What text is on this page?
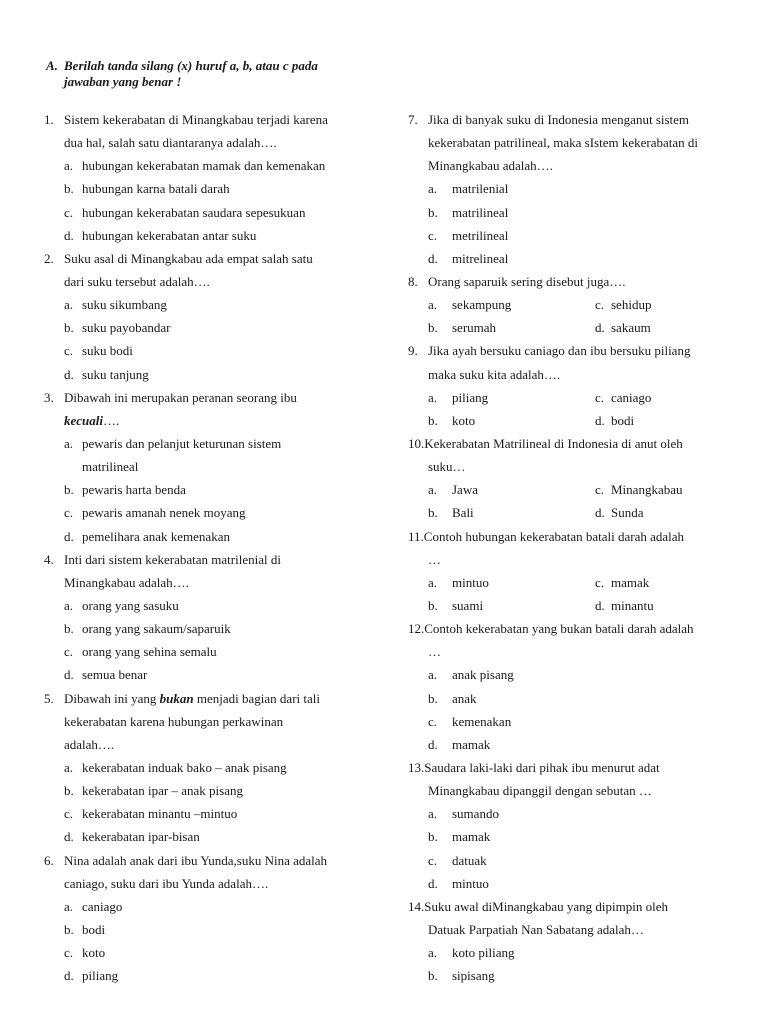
A. Berilah tanda silang (x) huruf a, b, atau c pada
jawaban yang benar !
1. Sistem kekerabatan di Minangkabau terjadi karena
dua hal, salah satu diantaranya adalah….
a. hubungan kekerabatan mamak dan kemenakan
b. hubungan karna batali darah
c. hubungan kekerabatan saudara sepesukuan
d. hubungan kekerabatan antar suku
2. Suku asal di Minangkabau ada empat salah satu
dari suku tersebut adalah….
a. suku sikumbang
b. suku payobandar
c. suku bodi
d. suku tanjung
3. Dibawah ini merupakan peranan seorang ibu
kecuali….
a. pewaris dan pelanjut keturunan sistem
matrilineal
b. pewaris harta benda
c. pewaris amanah nenek moyang
d. pemelihara anak kemenakan
4. Inti dari sistem kekerabatan matrilenial di
Minangkabau adalah….
a. orang yang sasuku
b. orang yang sakaum/saparuik
c. orang yang sehina semalu
d. semua benar
5. Dibawah ini yang bukan menjadi bagian dari tali
kekerabatan karena hubungan perkawinan
adalah….
a. kekerabatan induak bako – anak pisang
b. kekerabatan ipar – anak pisang
c. kekerabatan minantu –mintuo
d. kekerabatan ipar-bisan
6. Nina adalah anak dari ibu Yunda,suku Nina adalah
caniago, suku dari ibu Yunda adalah….
a. caniago
b. bodi
c. koto
d. piliang
7. Jika di banyak suku di Indonesia menganut sistem
kekerabatan patrilineal, maka sIstem kekerabatan di
Minangkabau adalah….
a.	matrilenial
b.	matrilineal
c.	metrilineal
d.	mitrelineal
8. Orang saparuik sering disebut juga….
a.	sekampung	c. sehidup
b.	serumah	d. sakaum
9. Jika ayah bersuku caniago dan ibu bersuku piliang
maka suku kita adalah….
a.	piliang	c. caniago
b.	koto	d. bodi
10.Kekerabatan Matrilineal di Indonesia di anut oleh
suku…
a.	Jawa	c. Minangkabau
b.	Bali	d. Sunda
11.Contoh hubungan kekerabatan batali darah adalah
…
a.	mintuo	c. mamak
b.	suami	d. minantu
12.Contoh kekerabatan yang bukan batali darah adalah
…
a.	anak pisang
b.	anak
c.	kemenakan
d.	mamak
13.Saudara laki-laki dari pihak ibu menurut adat
Minangkabau dipanggil dengan sebutan …
a.	sumando
b.	mamak
c.	datuak
d.	mintuo
14.Suku awal diMinangkabau yang dipimpin oleh
Datuak Parpatiah Nan Sabatang adalah…
a.	koto piliang
b.	sipisang
